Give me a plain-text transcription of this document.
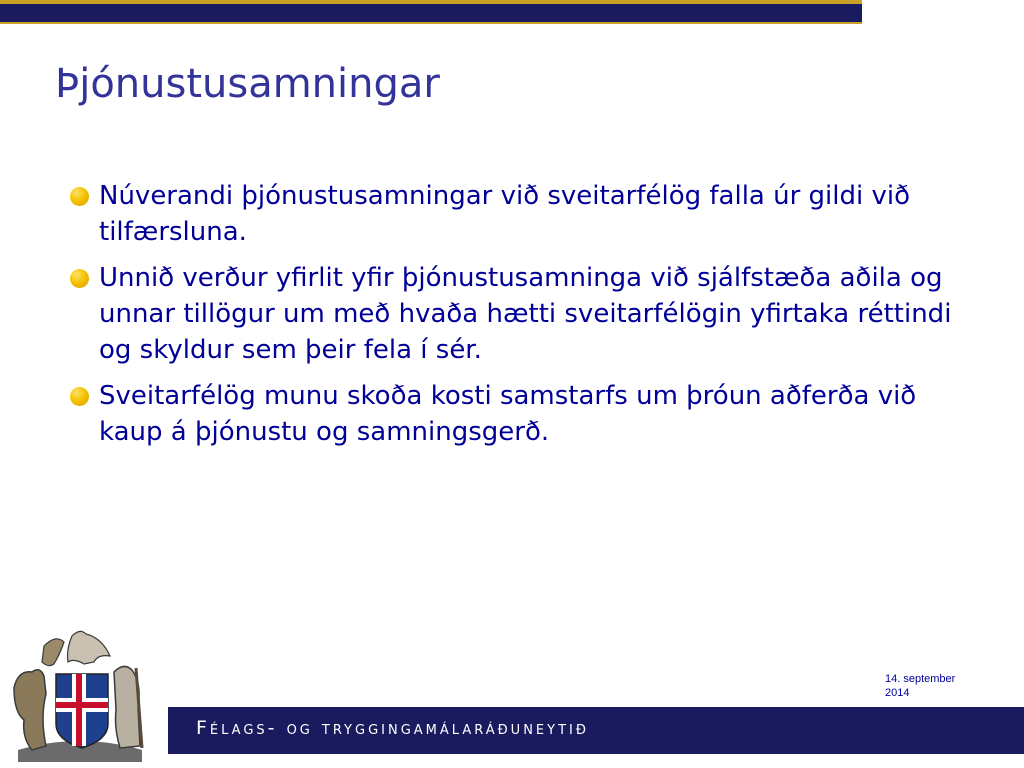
Þjónustusamningar
Núverandi þjónustusamningar við sveitarfélög falla úr gildi við tilfærsluna.
Unnið verður yfirlit yfir þjónustusamninga við sjálfstæða aðila og unnar tillögur um með hvaða hætti sveitarfélögin yfirtaka réttindi og skyldur sem þeir fela í sér.
Sveitarfélög munu skoða kosti samstarfs um þróun aðferða við kaup á þjónustu og samningsgerð.
14. september
2014
Félags- og tryggingamálaráðuneytið
